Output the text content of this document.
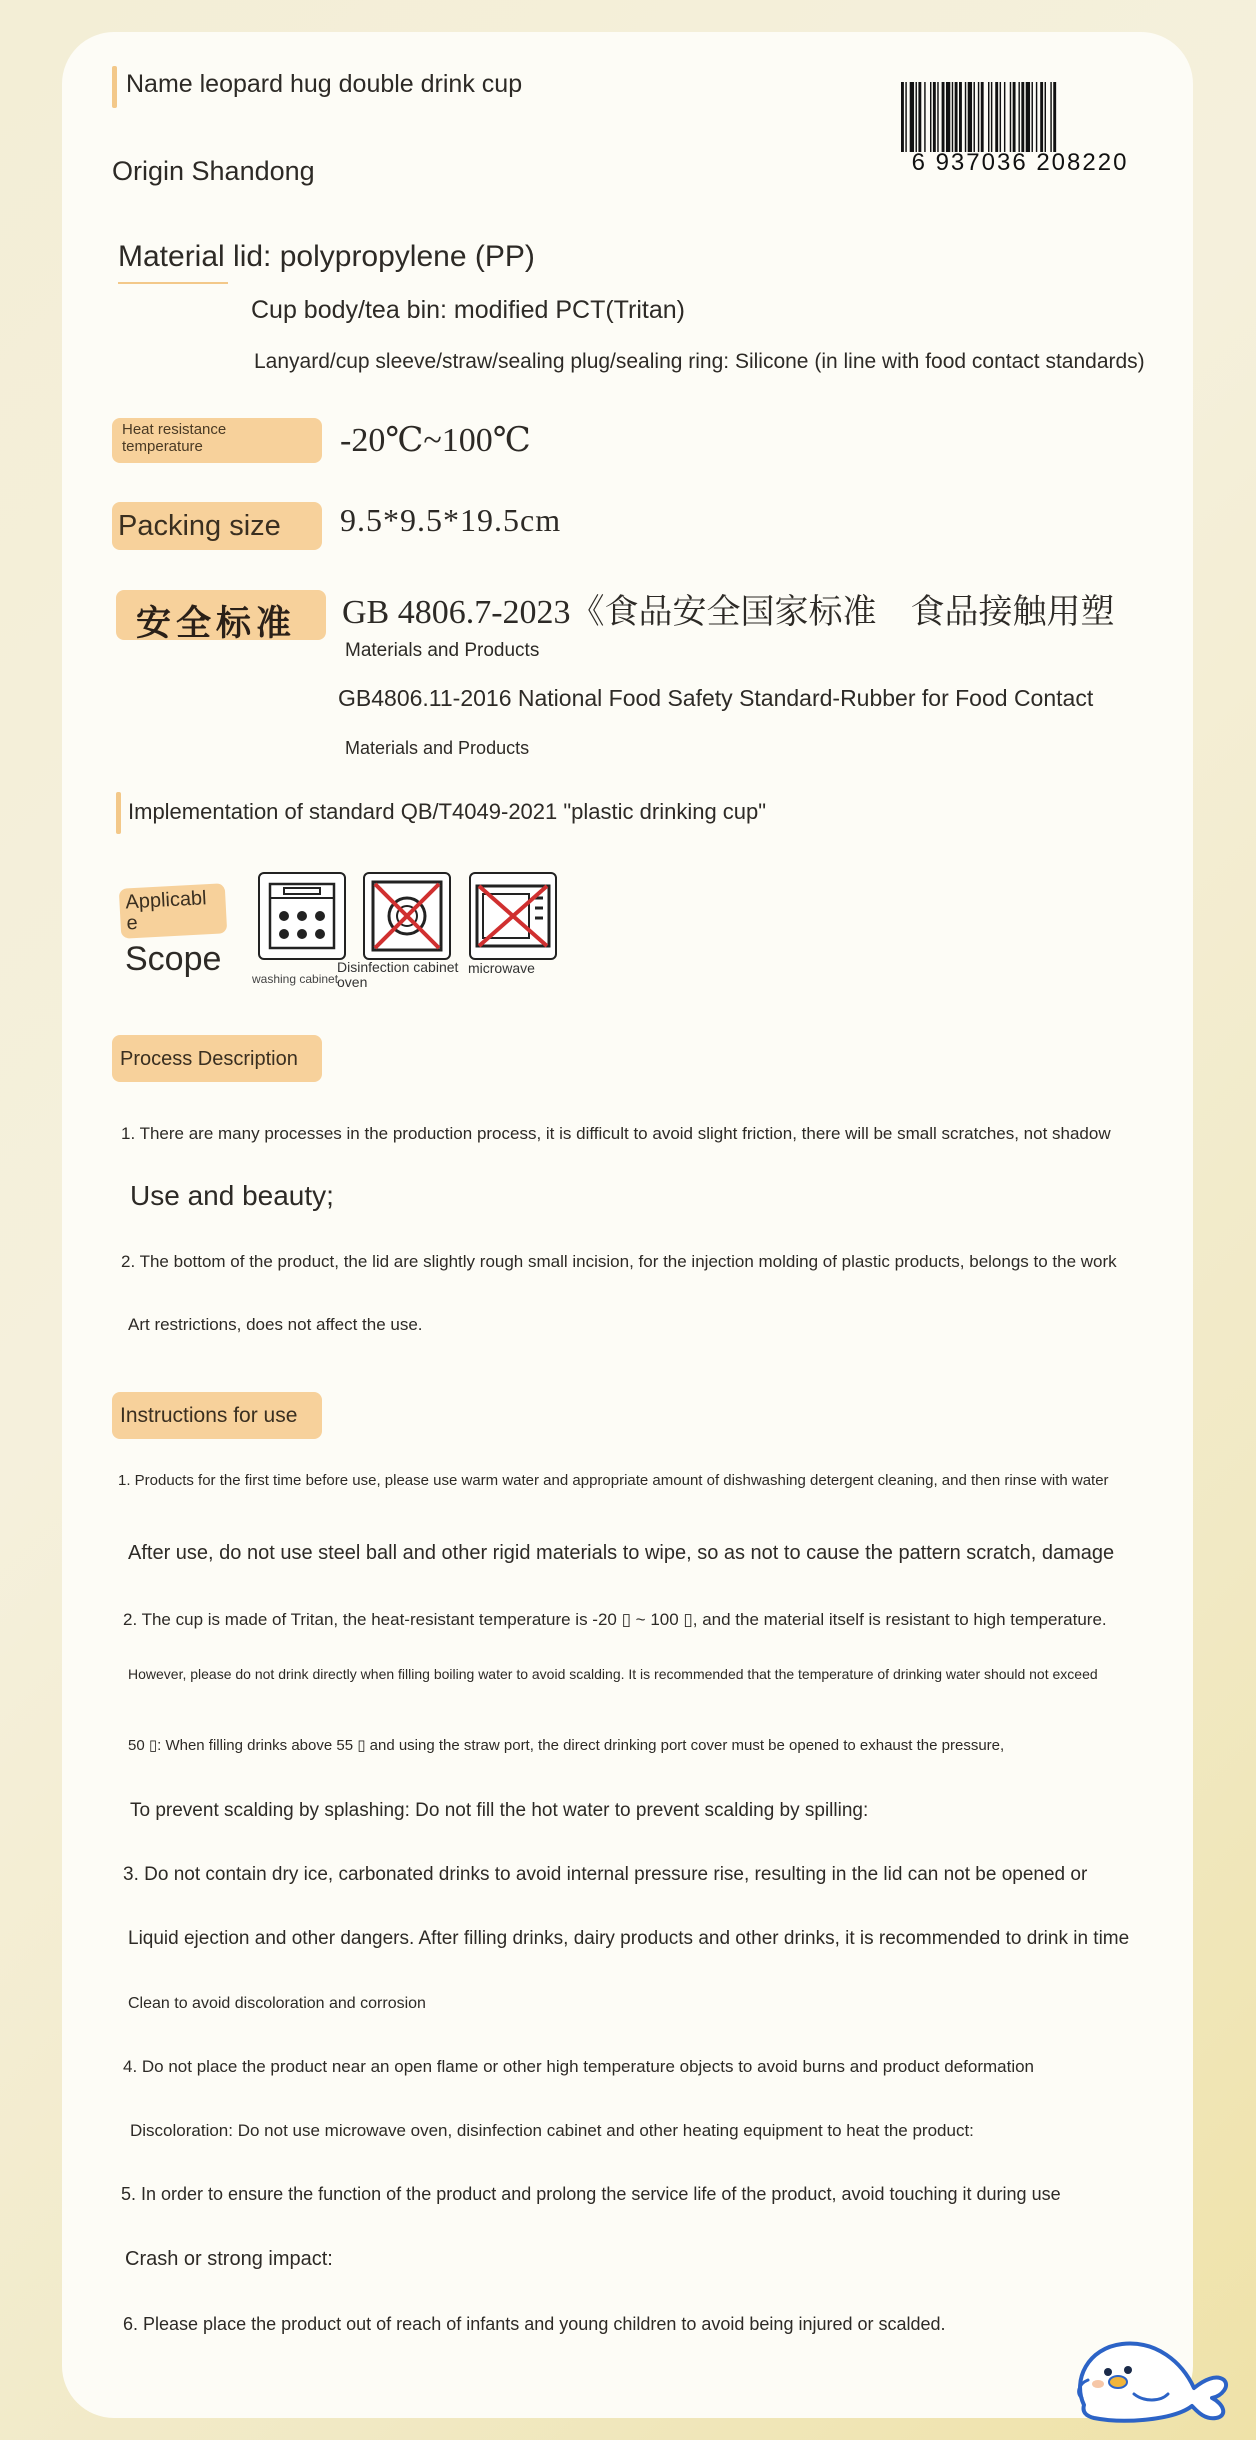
Name leopard hug double drink cup
Origin Shandong	6 937036 208220
Material lid: polypropylene (PP)
Cup body/tea bin: modified PCT(Tritan)
Lanyard/cup sleeve/straw/sealing plug/sealing ring: Silicone (in line with food contact standards)
Heat resistance temperature	-20℃~100℃
Packing size 9.5*9.5*19.5cm
安全标准 GB 4806.7-2023《食品安全国家标准　食品接触用塑
Materials and Products
GB4806.11-2016 National Food Safety Standard-Rubber for Food Contact
Materials and Products
Implementation of standard QB/T4049-2021 "plastic drinking cup"
Applicabl e
Scope
washing cabinet
Disinfection cabinet oven
microwave
Process Description
1. There are many processes in the production process, it is difficult to avoid slight friction, there will be small scratches, not shadow
Use and beauty;
2. The bottom of the product, the lid are slightly rough small incision, for the injection molding of plastic products, belongs to the work
Art restrictions, does not affect the use.
Instructions for use
1. Products for the first time before use, please use warm water and appropriate amount of dishwashing detergent cleaning, and then rinse with water
After use, do not use steel ball and other rigid materials to wipe, so as not to cause the pattern scratch, damage
2. The cup is made of Tritan, the heat-resistant temperature is -20 ▯ ~ 100 ▯, and the material itself is resistant to high temperature.
However, please do not drink directly when filling boiling water to avoid scalding. It is recommended that the temperature of drinking water should not exceed
50 ▯: When filling drinks above 55 ▯ and using the straw port, the direct drinking port cover must be opened to exhaust the pressure,
To prevent scalding by splashing: Do not fill the hot water to prevent scalding by spilling:
3. Do not contain dry ice, carbonated drinks to avoid internal pressure rise, resulting in the lid can not be opened or
Liquid ejection and other dangers. After filling drinks, dairy products and other drinks, it is recommended to drink in time
Clean to avoid discoloration and corrosion
4. Do not place the product near an open flame or other high temperature objects to avoid burns and product deformation
Discoloration: Do not use microwave oven, disinfection cabinet and other heating equipment to heat the product:
5. In order to ensure the function of the product and prolong the service life of the product, avoid touching it during use
Crash or strong impact:
6. Please place the product out of reach of infants and young children to avoid being injured or scalded.
